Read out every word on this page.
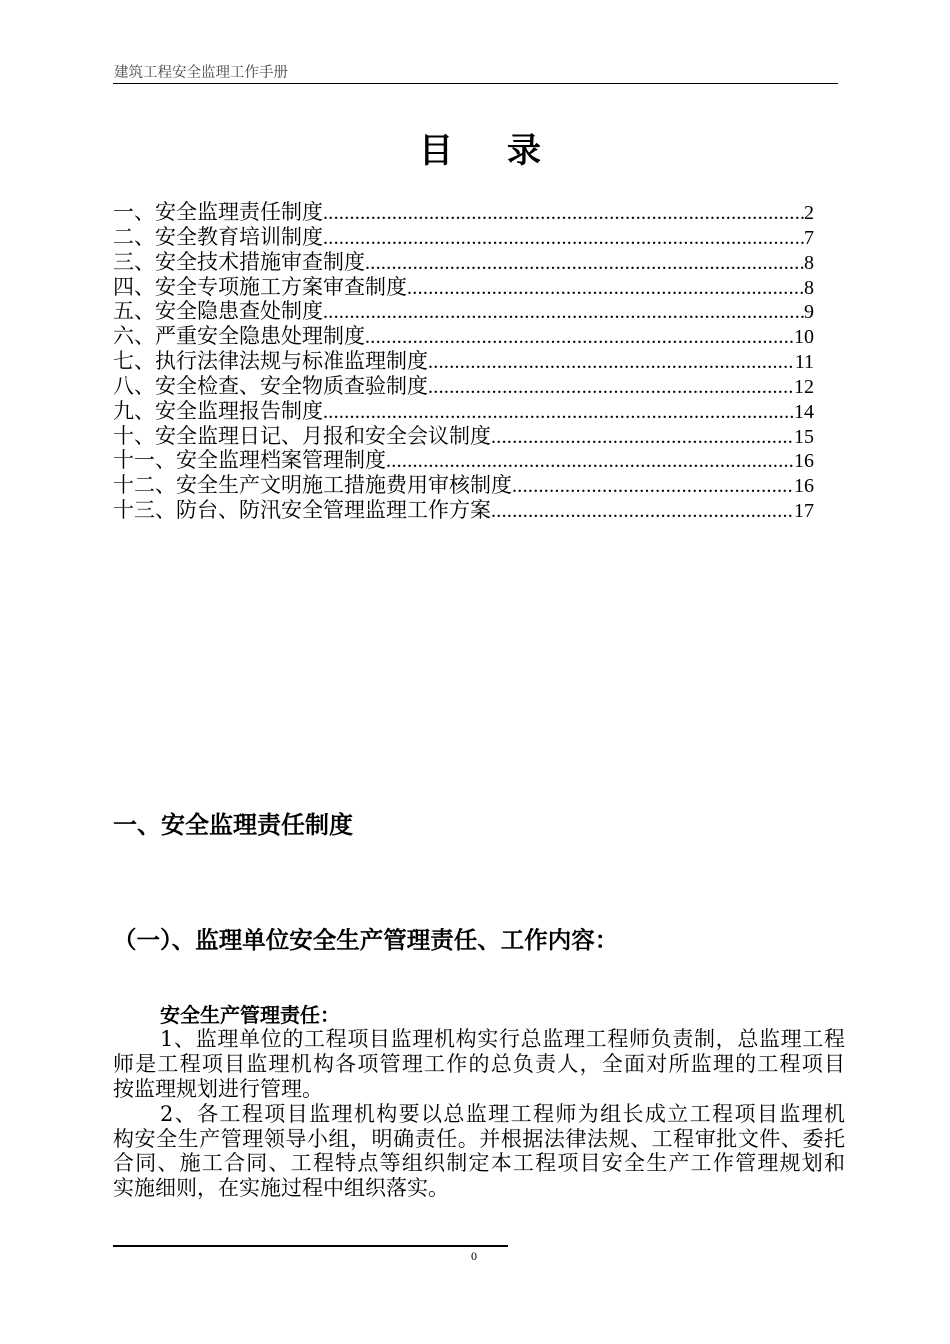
建筑工程安全监理工作手册
目　录
一、安全监理责任制度 .....	2
二、安全教育培训制度 .....	7
三、安全技术措施审查制度 .....	8
四、安全专项施工方案审查制度 .....	8
五、安全隐患查处制度 .....	9
六、严重安全隐患处理制度 .....	10
七、执行法律法规与标准监理制度 .....	11
八、安全检查、安全物质查验制度 .....	12
九、安全监理报告制度 .....	14
十、安全监理日记、月报和安全会议制度 .....	15
十一、安全监理档案管理制度 .....	16
十二、安全生产文明施工措施费用审核制度 .....	16
十三、防台、防汛安全管理监理工作方案 .....	17
一、安全监理责任制度
（一）、监理单位安全生产管理责任、工作内容：
安全生产管理责任：
1、监理单位的工程项目监理机构实行总监理工程师负责制，总监理工程
师是工程项目监理机构各项管理工作的总负责人，全面对所监理的工程项目
按监理规划进行管理。
2、各工程项目监理机构要以总监理工程师为组长成立工程项目监理机
构安全生产管理领导小组，明确责任。并根据法律法规、工程审批文件、委托
合同、施工合同、工程特点等组织制定本工程项目安全生产工作管理规划和
实施细则，在实施过程中组织落实。
0
